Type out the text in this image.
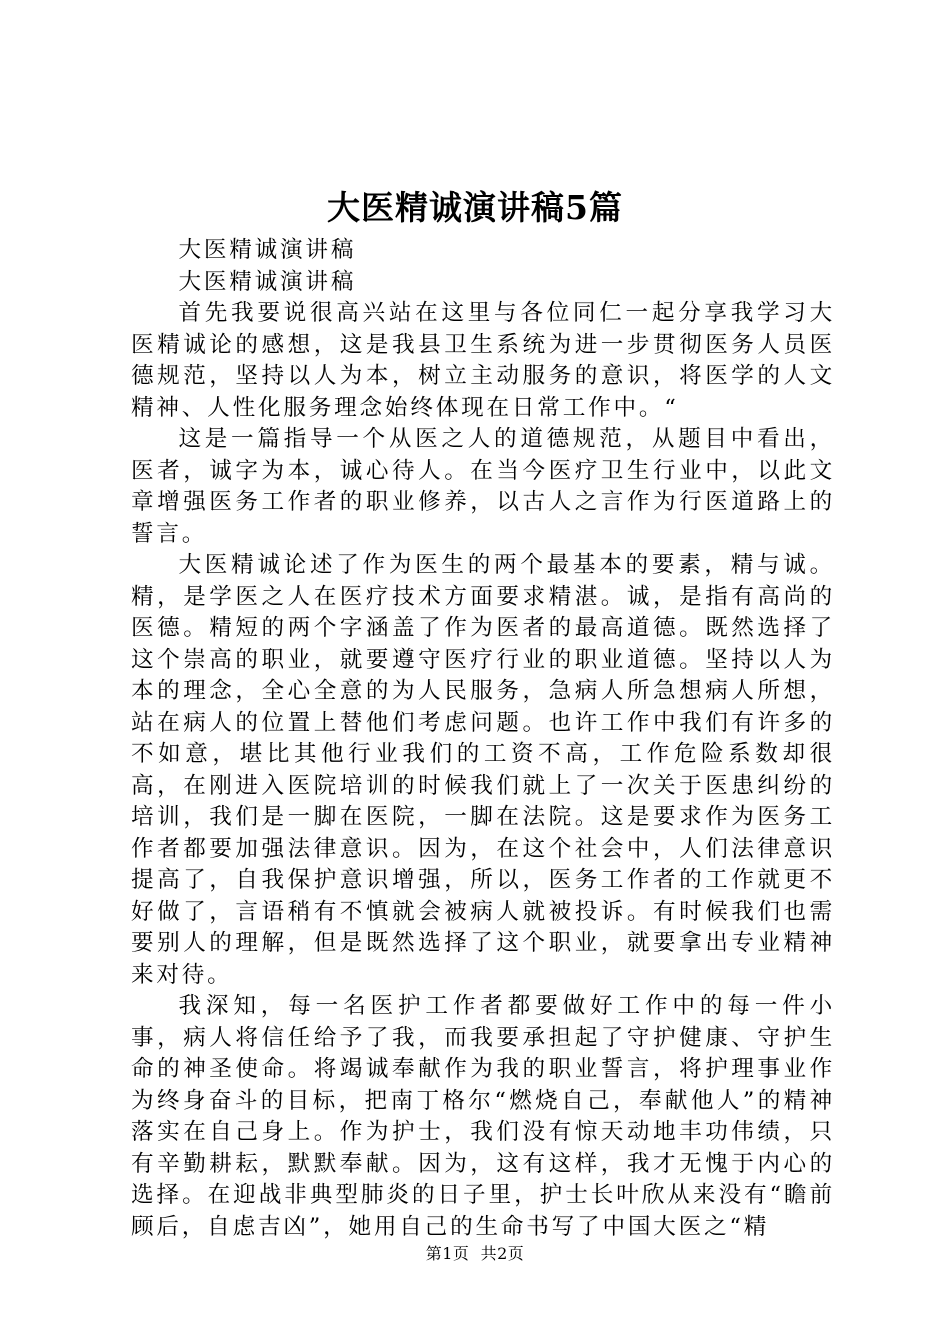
大医精诚演讲稿5篇

大医精诚演讲稿

大医精诚演讲稿

首先我要说很高兴站在这里与各位同仁一起分享我学习大医精诚论的感想，这是我县卫生系统为进一步贯彻医务人员医德规范，坚持以人为本，树立主动服务的意识，将医学的人文精神、人性化服务理念始终体现在日常工作中。“

这是一篇指导一个从医之人的道德规范，从题目中看出，医者，诚字为本，诚心待人。在当今医疗卫生行业中，以此文章增强医务工作者的职业修养，以古人之言作为行医道路上的誓言。

大医精诚论述了作为医生的两个最基本的要素，精与诚。精，是学医之人在医疗技术方面要求精湛。诚，是指有高尚的医德。精短的两个字涵盖了作为医者的最高道德。既然选择了这个崇高的职业，就要遵守医疗行业的职业道德。坚持以人为本的理念，全心全意的为人民服务，急病人所急想病人所想，站在病人的位置上替他们考虑问题。也许工作中我们有许多的不如意，堪比其他行业我们的工资不高，工作危险系数却很高，在刚进入医院培训的时候我们就上了一次关于医患纠纷的培训，我们是一脚在医院，一脚在法院。这是要求作为医务工作者都要加强法律意识。因为，在这个社会中，人们法律意识提高了，自我保护意识增强，所以，医务工作者的工作就更不好做了，言语稍有不慎就会被病人就被投诉。有时候我们也需要别人的理解，但是既然选择了这个职业，就要拿出专业精神来对待。

我深知，每一名医护工作者都要做好工作中的每一件小事，病人将信任给予了我，而我要承担起了守护健康、守护生命的神圣使命。将竭诚奉献作为我的职业誓言，将护理事业作为终身奋斗的目标，把南丁格尔“燃烧自己，奉献他人”的精神落实在自己身上。作为护士，我们没有惊天动地丰功伟绩，只有辛勤耕耘，默默奉献。因为，这有这样，我才无愧于内心的选择。在迎战非典型肺炎的日子里，护士长叶欣从来没有“瞻前顾后，自虑吉凶”，她用自己的生命书写了中国大医之“精

第1页 共2页
